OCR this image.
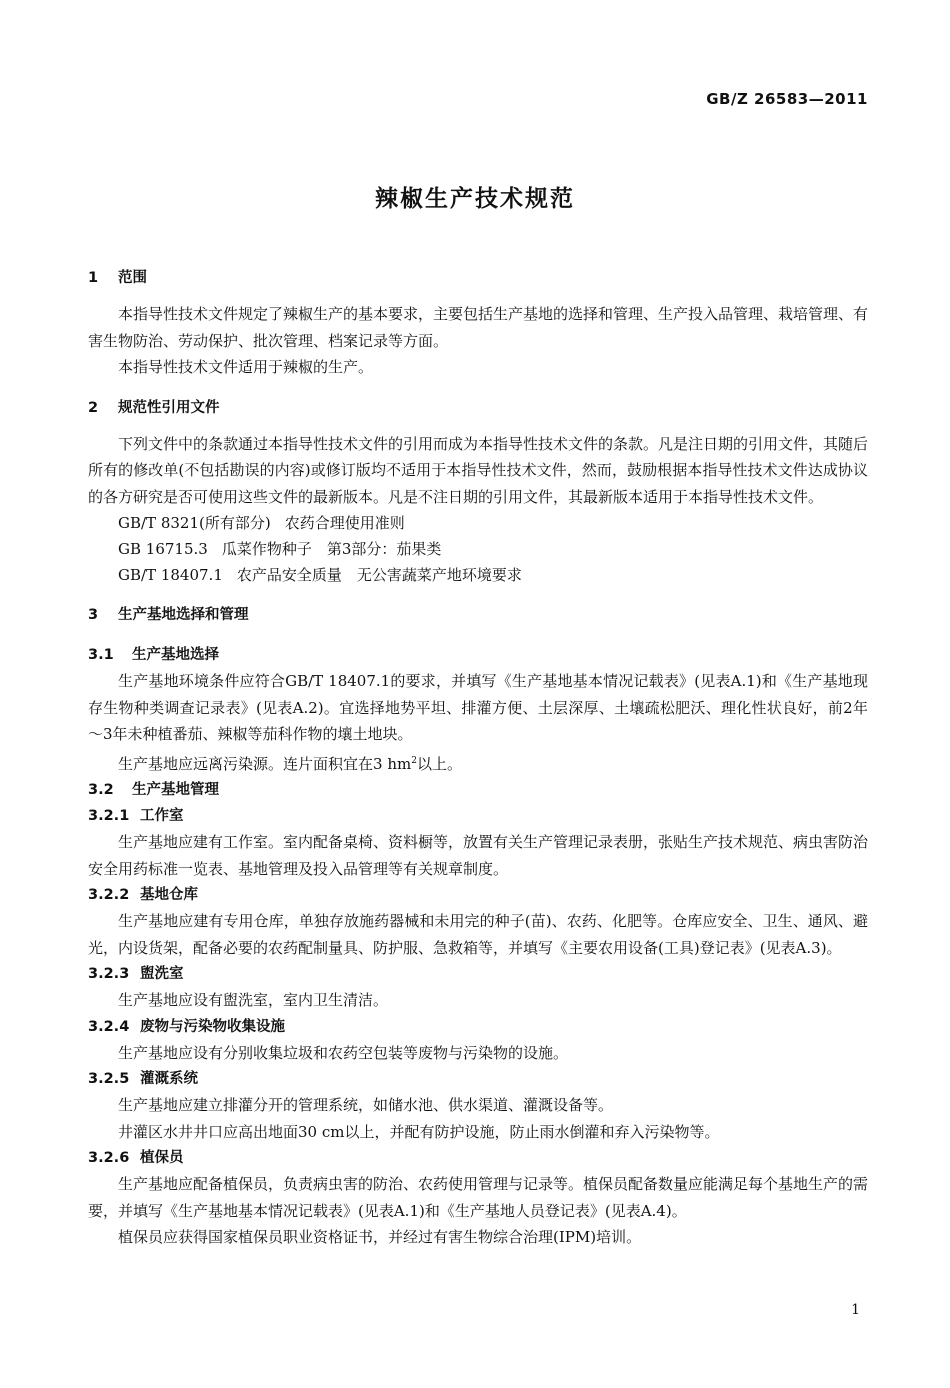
GB/Z 26583—2011
辣椒生产技术规范
1 范围

本指导性技术文件规定了辣椒生产的基本要求，主要包括生产基地的选择和管理、生产投入品管理、栽培管理、有害生物防治、劳动保护、批次管理、档案记录等方面。

本指导性技术文件适用于辣椒的生产。

2 规范性引用文件

下列文件中的条款通过本指导性技术文件的引用而成为本指导性技术文件的条款。凡是注日期的引用文件，其随后所有的修改单(不包括勘误的内容)或修订版均不适用于本指导性技术文件，然而，鼓励根据本指导性技术文件达成协议的各方研究是否可使用这些文件的最新版本。凡是不注日期的引用文件，其最新版本适用于本指导性技术文件。

GB/T 8321(所有部分) 农药合理使用准则

GB 16715.3 瓜菜作物种子　第3部分：茄果类

GB/T 18407.1 农产品安全质量　无公害蔬菜产地环境要求

3 生产基地选择和管理
3.1 生产基地选择

生产基地环境条件应符合GB/T 18407.1的要求，并填写《生产基地基本情况记载表》(见表A.1)和《生产基地现存生物种类调查记录表》(见表A.2)。宜选择地势平坦、排灌方便、土层深厚、土壤疏松肥沃、理化性状良好，前2年～3年未种植番茄、辣椒等茄科作物的壤土地块。

生产基地应远离污染源。连片面积宜在3 $hm^2$以上。

3.2 生产基地管理
3.2.1 工作室

生产基地应建有工作室。室内配备桌椅、资料橱等，放置有关生产管理记录表册，张贴生产技术规范、病虫害防治安全用药标准一览表、基地管理及投入品管理等有关规章制度。

3.2.2 基地仓库

生产基地应建有专用仓库，单独存放施药器械和未用完的种子(苗)、农药、化肥等。仓库应安全、卫生、通风、避光，内设货架，配备必要的农药配制量具、防护服、急救箱等，并填写《主要农用设备(工具)登记表》(见表A.3)。

3.2.3 盥洗室

生产基地应设有盥洗室，室内卫生清洁。

3.2.4 废物与污染物收集设施

生产基地应设有分别收集垃圾和农药空包装等废物与污染物的设施。

3.2.5 灌溉系统

生产基地应建立排灌分开的管理系统，如储水池、供水渠道、灌溉设备等。

井灌区水井井口应高出地面30 cm以上，并配有防护设施，防止雨水倒灌和弃入污染物等。

3.2.6 植保员

生产基地应配备植保员，负责病虫害的防治、农药使用管理与记录等。植保员配备数量应能满足每个基地生产的需要，并填写《生产基地基本情况记载表》(见表A.1)和《生产基地人员登记表》(见表A.4)。

植保员应获得国家植保员职业资格证书，并经过有害生物综合治理(IPM)培训。

1
